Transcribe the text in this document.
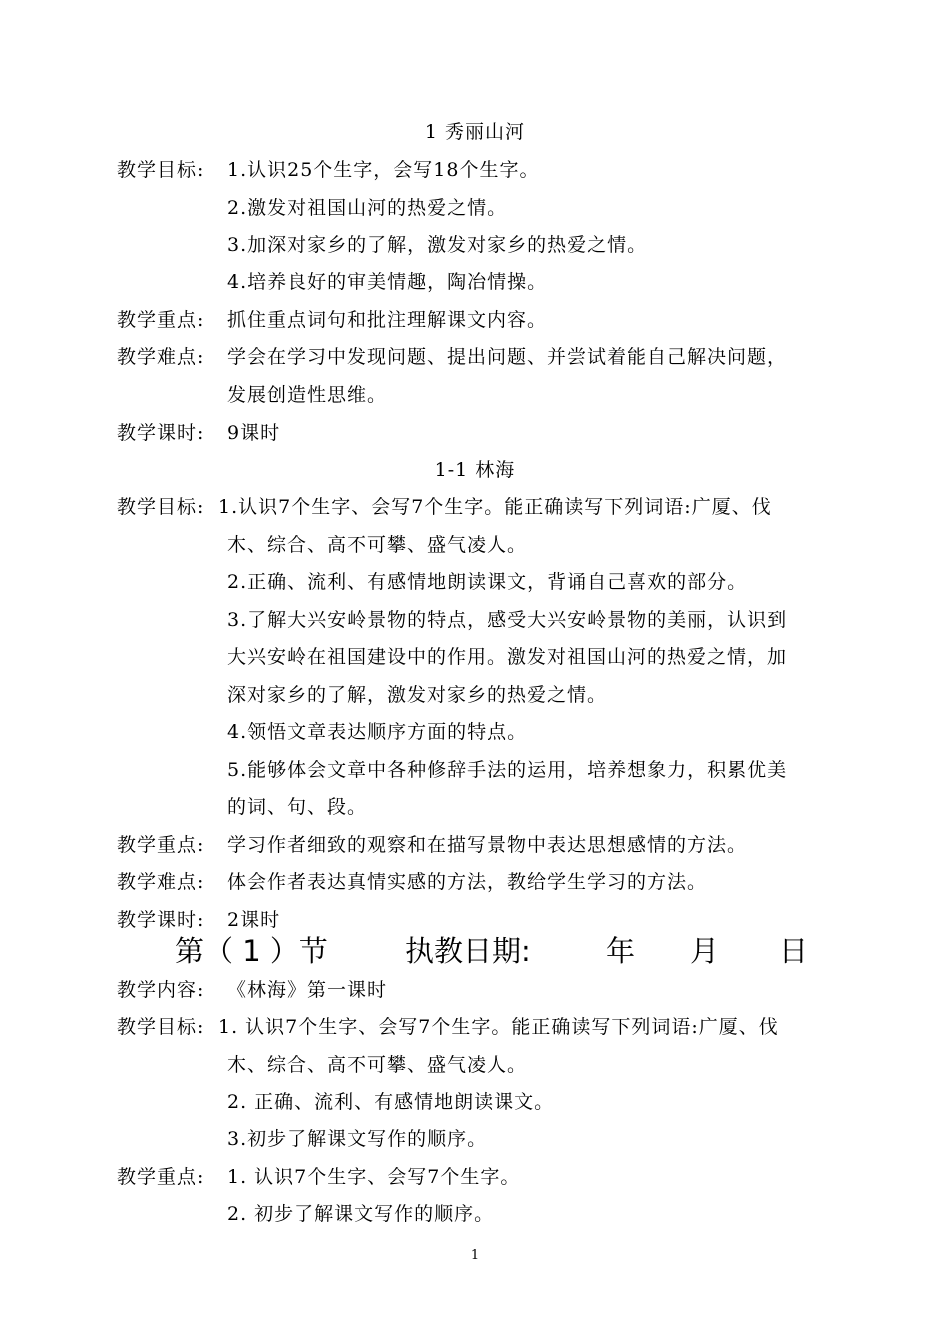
1 秀丽山河
教学目标: 1.认识25个生字，会写18个生字。
2.激发对祖国山河的热爱之情。
3.加深对家乡的了解，激发对家乡的热爱之情。
4.培养良好的审美情趣，陶冶情操。
教学重点: 抓住重点词句和批注理解课文内容。
教学难点: 学会在学习中发现问题、提出问题、并尝试着能自己解决问题，
发展创造性思维。
教学课时: 9课时
1-1 林海
教学目标: 1.认识7个生字、会写7个生字。能正确读写下列词语:广厦、伐
木、综合、高不可攀、盛气凌人。
2.正确、流利、有感情地朗读课文，背诵自己喜欢的部分。
3.了解大兴安岭景物的特点，感受大兴安岭景物的美丽，认识到
大兴安岭在祖国建设中的作用。激发对祖国山河的热爱之情，加
深对家乡的了解，激发对家乡的热爱之情。
4.领悟文章表达顺序方面的特点。
5.能够体会文章中各种修辞手法的运用，培养想象力，积累优美
的词、句、段。
教学重点: 学习作者细致的观察和在描写景物中表达思想感情的方法。
教学难点: 体会作者表达真情实感的方法，教给学生学习的方法。
教学课时: 2课时
第（ 1 ）节	执教日期:	年 月 日
教学内容: 《林海》第一课时
教学目标: 1. 认识7个生字、会写7个生字。能正确读写下列词语:广厦、伐
木、综合、高不可攀、盛气凌人。
2. 正确、流利、有感情地朗读课文。
3.初步了解课文写作的顺序。
教学重点: 1. 认识7个生字、会写7个生字。
2. 初步了解课文写作的顺序。
1
